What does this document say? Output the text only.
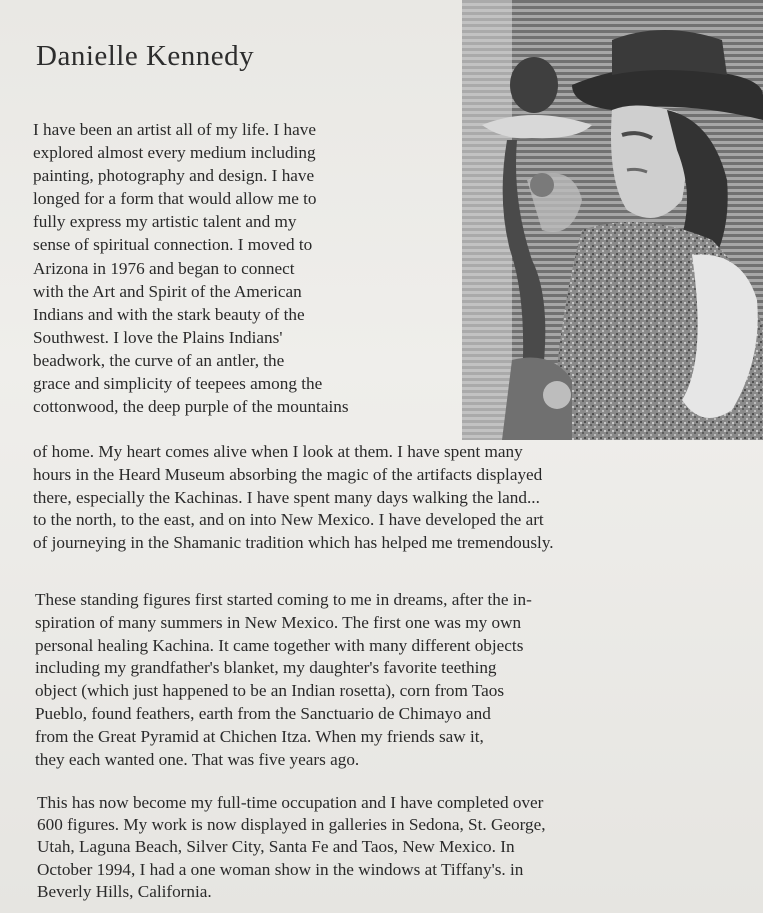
Danielle Kennedy
I have been an artist all of my life. I have
explored almost every medium including
painting, photography and design. I have
longed for a form that would allow me to
fully express my artistic talent and my
sense of spiritual connection. I moved to
Arizona in 1976 and began to connect
with the Art and Spirit of the American
Indians and with the stark beauty of the
Southwest. I love the Plains Indians'
beadwork, the curve of an antler, the
grace and simplicity of teepees among the
cottonwood, the deep purple of the mountains
of home. My heart comes alive when I look at them. I have spent many
hours in the Heard Museum absorbing the magic of the artifacts displayed
there, especially the Kachinas. I have spent many days walking the land...
to the north, to the east, and on into New Mexico. I have developed the art
of journeying in the Shamanic tradition which has helped me tremendously.
These standing figures first started coming to me in dreams, after the in-
spiration of many summers in New Mexico. The first one was my own
personal healing Kachina. It came together with many different objects
including my grandfather's blanket, my daughter's favorite teething
object (which just happened to be an Indian rosetta), corn from Taos
Pueblo, found feathers, earth from the Sanctuario de Chimayo and
from the Great Pyramid at Chichen Itza. When my friends saw it,
they each wanted one. That was five years ago.
This has now become my full-time occupation and I have completed over
600 figures. My work is now displayed in galleries in Sedona, St. George,
Utah, Laguna Beach, Silver City, Santa Fe and Taos, New Mexico. In
October 1994, I had a one woman show in the windows at Tiffany's. in
Beverly Hills, California.
